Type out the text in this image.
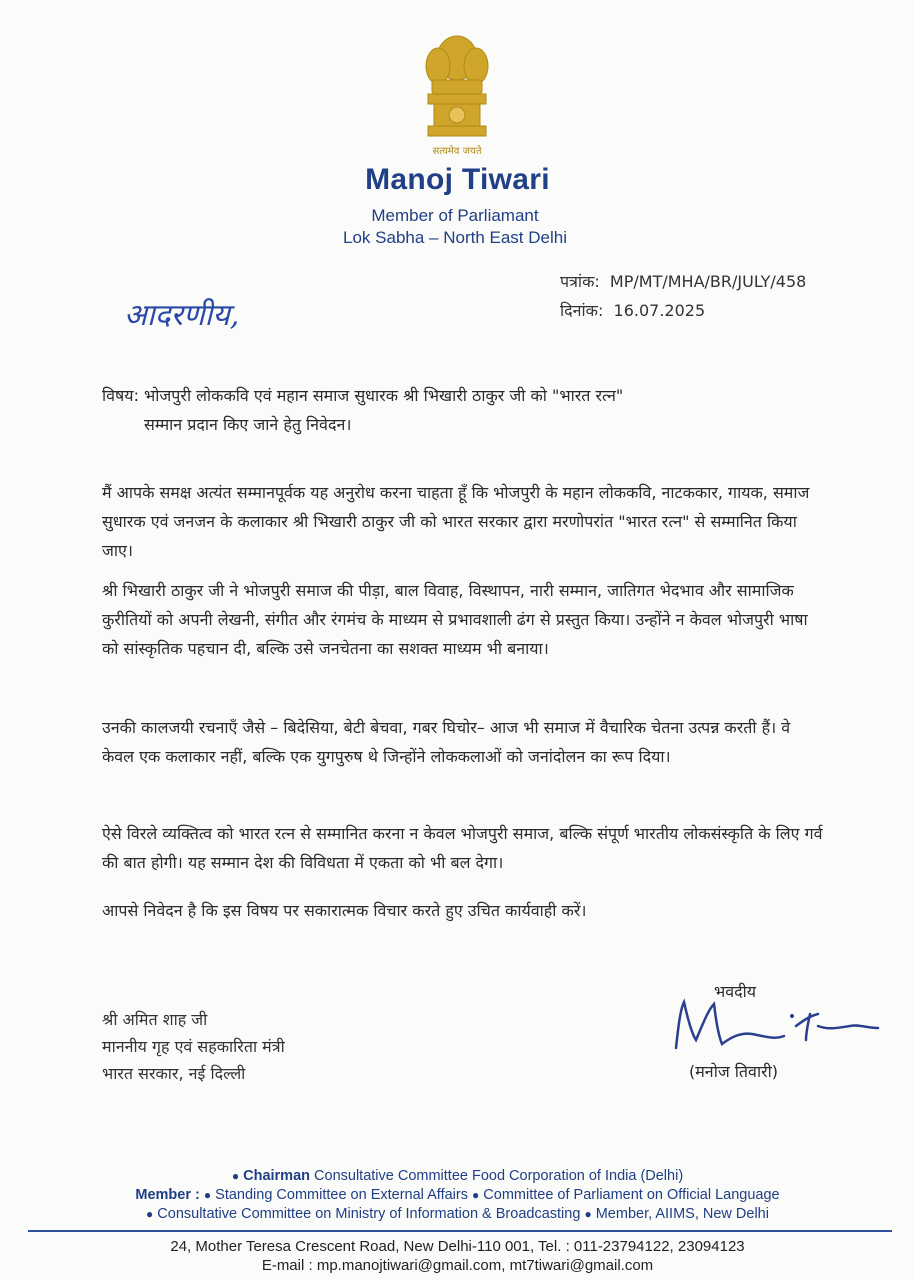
सत्यमेव जयते
Manoj Tiwari
Member of Parliamant
Lok Sabha – North East Delhi
पत्रांक: MP/MT/MHA/BR/JULY/458
दिनांक: 16.07.2025
आदरणीय,
विषय: भोजपुरी लोककवि एवं महान समाज सुधारक श्री भिखारी ठाकुर जी को "भारत रत्न"
सम्मान प्रदान किए जाने हेतु निवेदन।
मैं आपके समक्ष अत्यंत सम्मानपूर्वक यह अनुरोध करना चाहता हूँ कि भोजपुरी के महान लोककवि, नाटककार, गायक, समाज सुधारक एवं जनजन के कलाकार श्री भिखारी ठाकुर जी को भारत सरकार द्वारा मरणोपरांत "भारत रत्न" से सम्मानित किया जाए।
श्री भिखारी ठाकुर जी ने भोजपुरी समाज की पीड़ा, बाल विवाह, विस्थापन, नारी सम्मान, जातिगत भेदभाव और सामाजिक कुरीतियों को अपनी लेखनी, संगीत और रंगमंच के माध्यम से प्रभावशाली ढंग से प्रस्तुत किया। उन्होंने न केवल भोजपुरी भाषा को सांस्कृतिक पहचान दी, बल्कि उसे जनचेतना का सशक्त माध्यम भी बनाया।
उनकी कालजयी रचनाएँ जैसे – बिदेसिया, बेटी बेचवा, गबर घिचोर– आज भी समाज में वैचारिक चेतना उत्पन्न करती हैं। वे केवल एक कलाकार नहीं, बल्कि एक युगपुरुष थे जिन्होंने लोककलाओं को जनांदोलन का रूप दिया।
ऐसे विरले व्यक्तित्व को भारत रत्न से सम्मानित करना न केवल भोजपुरी समाज, बल्कि संपूर्ण भारतीय लोकसंस्कृति के लिए गर्व की बात होगी। यह सम्मान देश की विविधता में एकता को भी बल देगा।
आपसे निवेदन है कि इस विषय पर सकारात्मक विचार करते हुए उचित कार्यवाही करें।
भवदीय
(मनोज तिवारी)
श्री अमित शाह जी
माननीय गृह एवं सहकारिता मंत्री
भारत सरकार, नई दिल्ली
● Chairman Consultative Committee Food Corporation of India (Delhi)
Member : ● Standing Committee on External Affairs ● Committee of Parliament on Official Language
● Consultative Committee on Ministry of Information & Broadcasting ● Member, AIIMS, New Delhi
24, Mother Teresa Crescent Road, New Delhi-110 001, Tel. : 011-23794122, 23094123
E-mail : mp.manojtiwari@gmail.com, mt7tiwari@gmail.com
